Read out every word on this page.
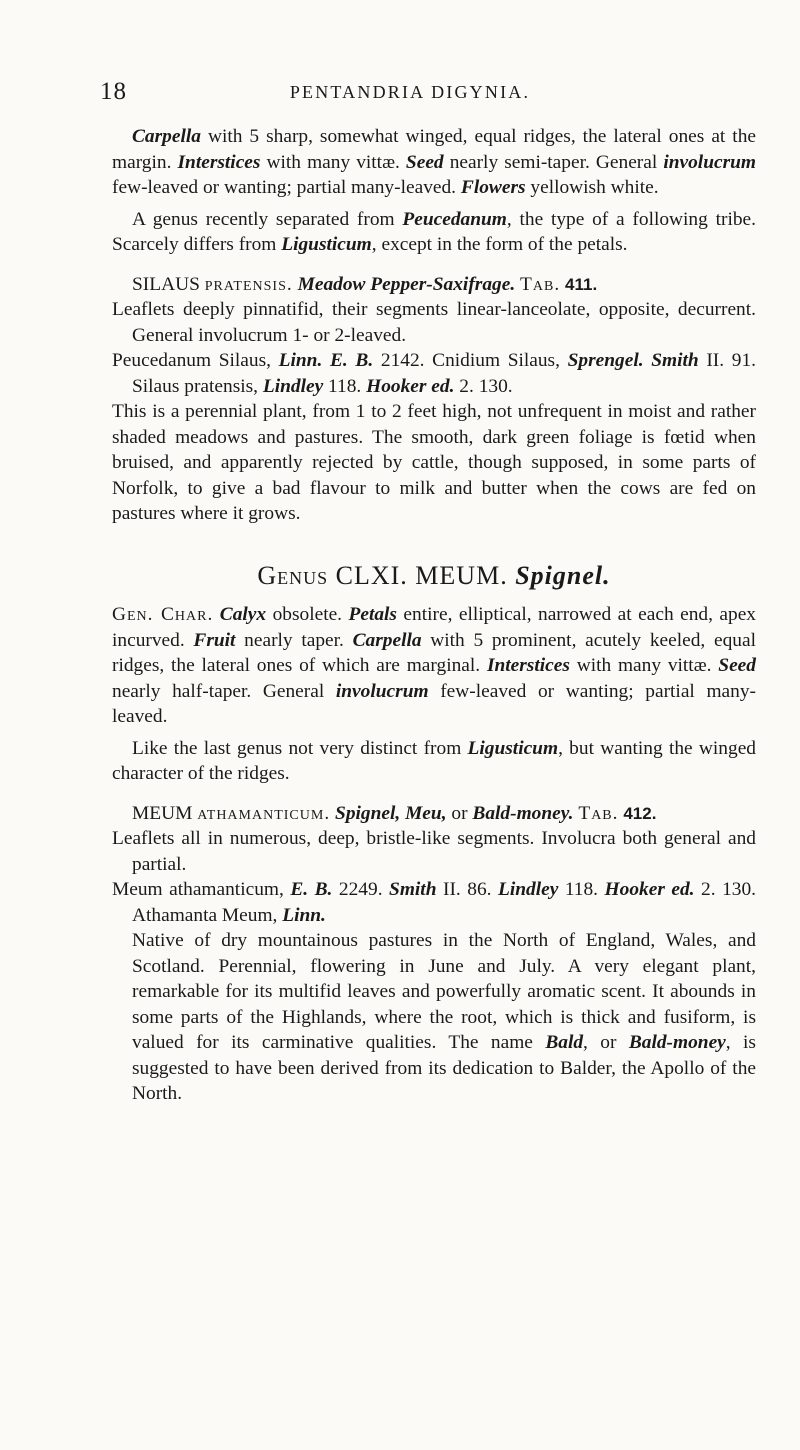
18	PENTANDRIA DIGYNIA.

Carpella with 5 sharp, somewhat winged, equal ridges, the lateral ones at the margin. Interstices with many vittæ. Seed nearly semi-taper. General involucrum few-leaved or wanting; partial many-leaved. Flowers yellowish white.

A genus recently separated from Peucedanum, the type of a following tribe. Scarcely differs from Ligusticum, except in the form of the petals.

SILAUS pratensis. Meadow Pepper-Saxifrage. Tab. 411.

Leaflets deeply pinnatifid, their segments linear-lanceolate, opposite, decurrent. General involucrum 1- or 2-leaved.

Peucedanum Silaus, Linn. E. B. 2142. Cnidium Silaus, Sprengel. Smith II. 91. Silaus pratensis, Lindley 118. Hooker ed. 2. 130.

This is a perennial plant, from 1 to 2 feet high, not unfrequent in moist and rather shaded meadows and pastures. The smooth, dark green foliage is fœtid when bruised, and apparently rejected by cattle, though supposed, in some parts of Norfolk, to give a bad flavour to milk and butter when the cows are fed on pastures where it grows.

Genus CLXI. MEUM. Spignel.

Gen. Char. Calyx obsolete. Petals entire, elliptical, narrowed at each end, apex incurved. Fruit nearly taper. Carpella with 5 prominent, acutely keeled, equal ridges, the lateral ones of which are marginal. Interstices with many vittæ. Seed nearly half-taper. General involucrum few-leaved or wanting; partial many-leaved.

Like the last genus not very distinct from Ligusticum, but wanting the winged character of the ridges.

MEUM athamanticum. Spignel, Meu, or Bald-money. Tab. 412.

Leaflets all in numerous, deep, bristle-like segments. Involucra both general and partial.

Meum athamanticum, E. B. 2249. Smith II. 86. Lindley 118. Hooker ed. 2. 130. Athamanta Meum, Linn.

Native of dry mountainous pastures in the North of England, Wales, and Scotland. Perennial, flowering in June and July. A very elegant plant, remarkable for its multifid leaves and powerfully aromatic scent. It abounds in some parts of the Highlands, where the root, which is thick and fusiform, is valued for its carminative qualities. The name Bald, or Bald-money, is suggested to have been derived from its dedication to Balder, the Apollo of the North.
